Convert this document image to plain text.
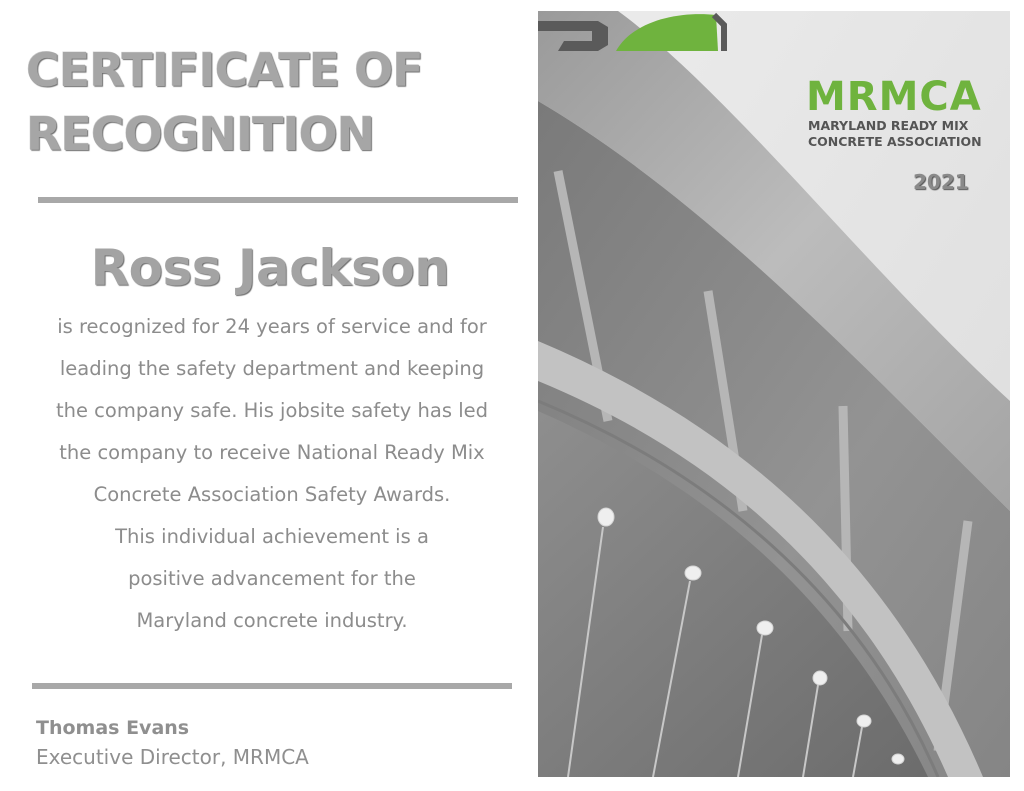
CERTIFICATE OF
RECOGNITION
Ross Jackson
is recognized for 24 years of service and for
leading the safety department and keeping
the company safe. His jobsite safety has led
the company to receive National Ready Mix
Concrete Association Safety Awards.
This individual achievement is a
positive advancement for the
Maryland concrete industry.
Thomas Evans
Executive Director, MRMCA
MRMCA
MARYLAND READY MIX
CONCRETE ASSOCIATION
2021
